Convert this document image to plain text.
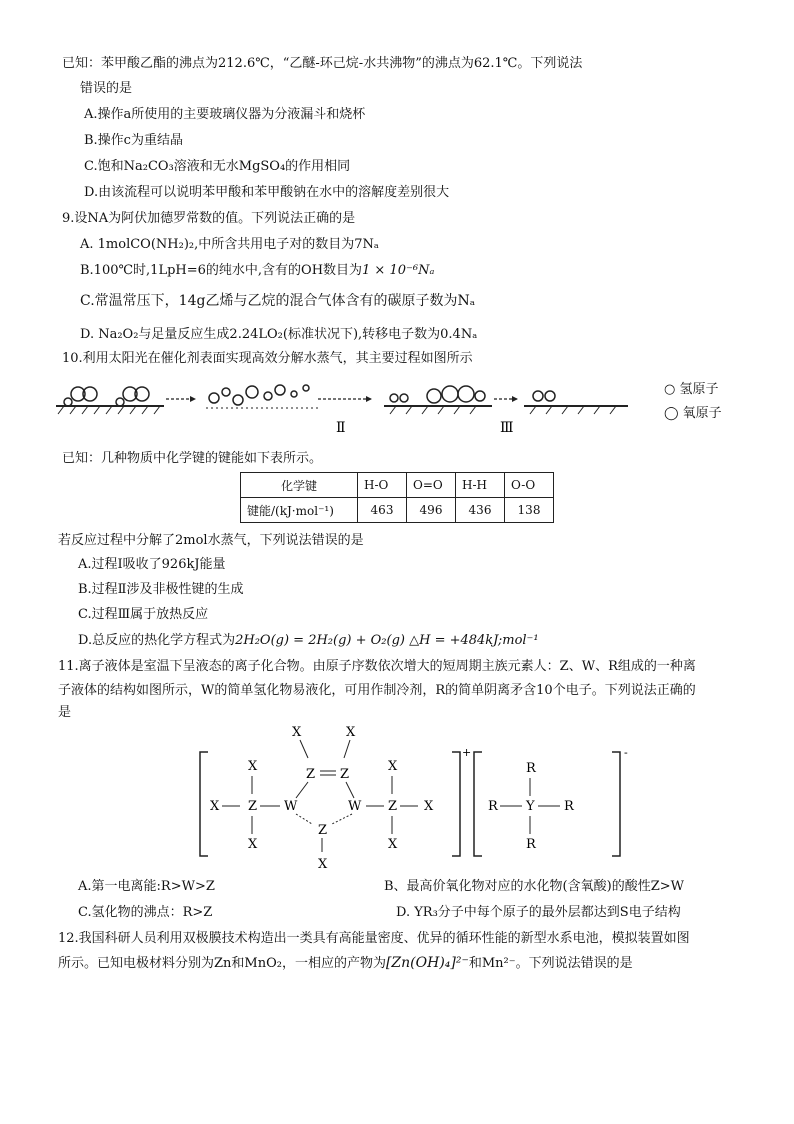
已知：苯甲酸乙酯的沸点为212.6℃，“乙醚-环己烷-水共沸物”的沸点为62.1℃。下列说法
错误的是
A.操作a所使用的主要玻璃仪器为分液漏斗和烧杯
B.操作c为重结晶
C.饱和Na₂CO₃溶液和无水MgSO₄的作用相同
D.由该流程可以说明苯甲酸和苯甲酸钠在水中的溶解度差别很大
9.设NA为阿伏加德罗常数的值。下列说法正确的是
A. 1molCO(NH₂)₂,中所含共用电子对的数目为7Nₐ
B.100℃时,1LpH=6的纯水中,含有的OH数目为1 × 10⁻⁶Nₐ
C.常温常压下，14g乙烯与乙烷的混合气体含有的碳原子数为Nₐ
D. Na₂O₂与足量反应生成2.24LO₂(标准状况下),转移电子数为0.4Nₐ
10.利用太阳光在催化剂表面实现高效分解水蒸气，其主要过程如图所示
Ⅱ	Ⅲ
○ 氢原子
◯ 氧原子
已知：几种物质中化学键的键能如下表所示。
化学键	H-O	O=O	H-H	O-O
键能/(kJ·mol⁻¹)	463	496	436	138
若反应过程中分解了2mol水蒸气，下列说法错误的是
A.过程Ⅰ吸收了926kJ能量
B.过程Ⅱ涉及非极性键的生成
C.过程Ⅲ属于放热反应
D.总反应的热化学方程式为2H₂O(g) = 2H₂(g) + O₂(g) △H = +484kJ;mol⁻¹
11.离子液体是室温下呈液态的离子化合物。由原子序数依次增大的短周期主族元素人：Z、W、R组成的一种离
子液体的结构如图所示，W的简单氢化物易液化，可用作制冷剂，R的简单阴离矛含10个电子。下列说法正确的
是
+
X Z
X
X
W
X
Z Z
X
W
Z
X
Z
X
X
X
-
R
R Y R
R
A.第一电离能:R>W>Z	B、最高价氧化物对应的水化物(含氧酸)的酸性Z>W
C.氢化物的沸点：R>Z	D. YR₃分子中每个原子的最外层都达到S电子结构
12.我国科研人员利用双极膜技术构造出一类具有高能量密度、优异的循环性能的新型水系电池，模拟装置如图
所示。已知电极材料分别为Zn和MnO₂，一相应的产物为[Zn(OH)₄]²⁻和Mn²⁻。下列说法错误的是
